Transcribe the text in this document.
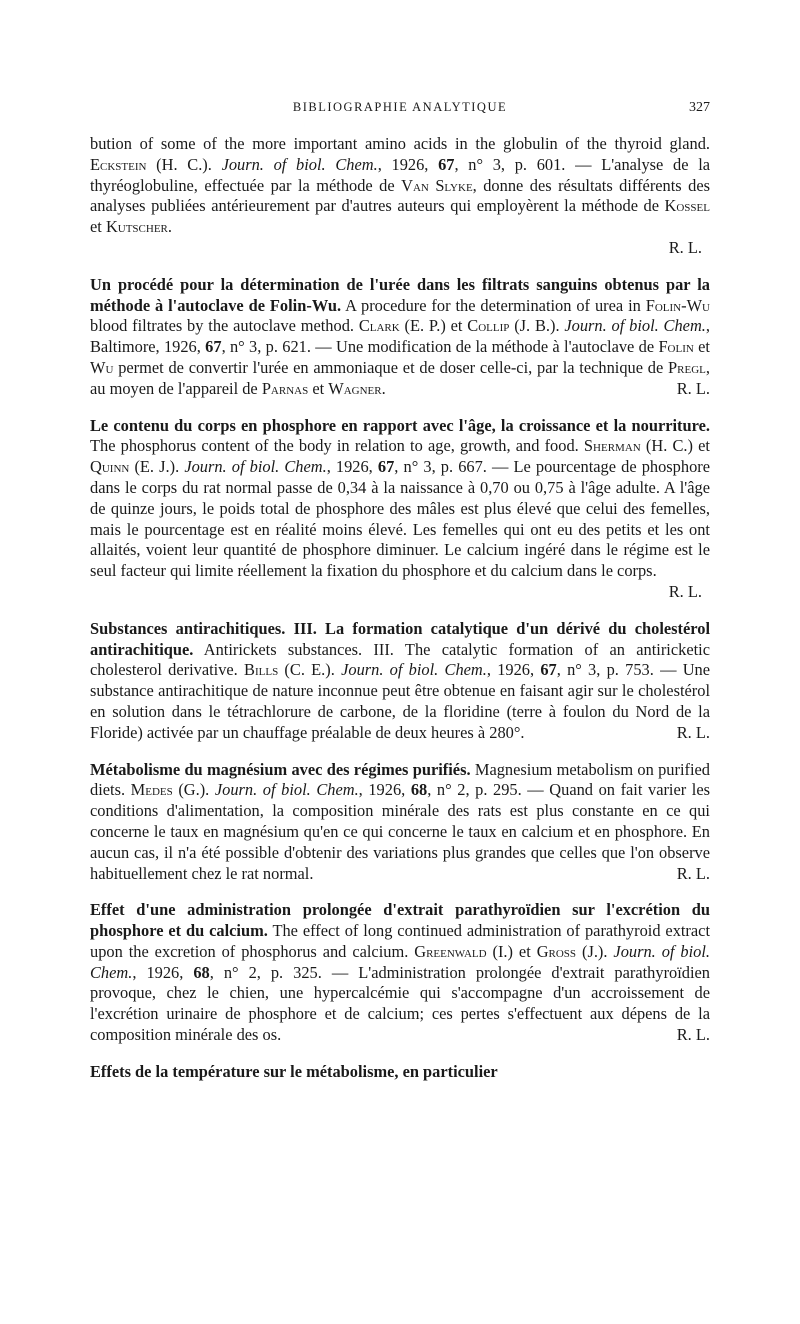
BIBLIOGRAPHIE ANALYTIQUE	327

bution of some of the more important amino acids in the globulin of the thyroid gland. Eckstein (H. C.). Journ. of biol. Chem., 1926, 67, n° 3, p. 601. — L'analyse de la thyréoglobuline, effectuée par la méthode de Van Slyke, donne des résultats différents des analyses publiées antérieurement par d'autres auteurs qui employèrent la méthode de Kossel et Kutscher.
R. L.

Un procédé pour la détermination de l'urée dans les filtrats sanguins obtenus par la méthode à l'autoclave de Folin-Wu. A procedure for the determination of urea in Folin-Wu blood filtrates by the autoclave method. Clark (E. P.) et Collip (J. B.). Journ. of biol. Chem., Baltimore, 1926, 67, n° 3, p. 621. — Une modification de la méthode à l'autoclave de Folin et Wu permet de convertir l'urée en ammoniaque et de doser celle-ci, par la technique de Pregl, au moyen de l'appareil de Parnas et Wagner.	R. L.

Le contenu du corps en phosphore en rapport avec l'âge, la croissance et la nourriture. The phosphorus content of the body in relation to age, growth, and food. Sherman (H. C.) et Quinn (E. J.). Journ. of biol. Chem., 1926, 67, n° 3, p. 667. — Le pourcentage de phosphore dans le corps du rat normal passe de 0,34 à la naissance à 0,70 ou 0,75 à l'âge adulte. A l'âge de quinze jours, le poids total de phosphore des mâles est plus élevé que celui des femelles, mais le pourcentage est en réalité moins élevé. Les femelles qui ont eu des petits et les ont allaités, voient leur quantité de phosphore diminuer. Le calcium ingéré dans le régime est le seul facteur qui limite réellement la fixation du phosphore et du calcium dans le corps.
R. L.

Substances antirachitiques. III. La formation catalytique d'un dérivé du cholestérol antirachitique. Antirickets substances. III. The catalytic formation of an antiricketic cholesterol derivative. Bills (C. E.). Journ. of biol. Chem., 1926, 67, n° 3, p. 753. — Une substance antirachitique de nature inconnue peut être obtenue en faisant agir sur le cholestérol en solution dans le tétrachlorure de carbone, de la floridine (terre à foulon du Nord de la Floride) activée par un chauffage préalable de deux heures à 280°.	R. L.

Métabolisme du magnésium avec des régimes purifiés. Magnesium metabolism on purified diets. Medes (G.). Journ. of biol. Chem., 1926, 68, n° 2, p. 295. — Quand on fait varier les conditions d'alimentation, la composition minérale des rats est plus constante en ce qui concerne le taux en magnésium qu'en ce qui concerne le taux en calcium et en phosphore. En aucun cas, il n'a été possible d'obtenir des variations plus grandes que celles que l'on observe habituellement chez le rat normal.	R. L.

Effet d'une administration prolongée d'extrait parathyroïdien sur l'excrétion du phosphore et du calcium. The effect of long continued administration of parathyroid extract upon the excretion of phosphorus and calcium. Greenwald (I.) et Gross (J.). Journ. of biol. Chem., 1926, 68, n° 2, p. 325. — L'administration prolongée d'extrait parathyroïdien provoque, chez le chien, une hypercalcémie qui s'accompagne d'un accroissement de l'excrétion urinaire de phosphore et de calcium; ces pertes s'effectuent aux dépens de la composition minérale des os.	R. L.

Effets de la température sur le métabolisme, en particulier
